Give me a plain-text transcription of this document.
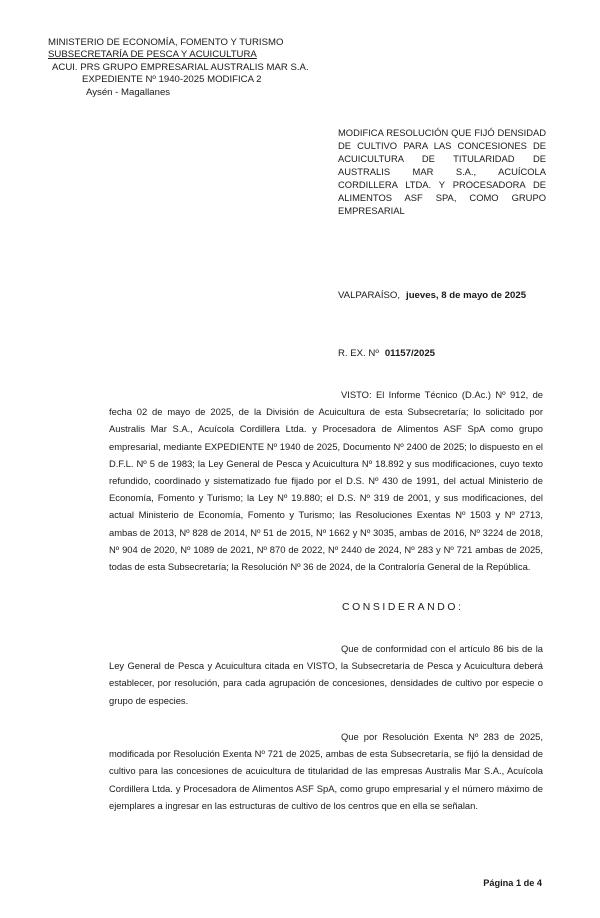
MINISTERIO DE ECONOMÍA, FOMENTO Y TURISMO
SUBSECRETARÍA DE PESCA Y ACUICULTURA
ACUI. PRS GRUPO EMPRESARIAL AUSTRALIS MAR S.A.
EXPEDIENTE Nº 1940-2025 MODIFICA 2
Aysén - Magallanes
MODIFICA RESOLUCIÓN QUE FIJÓ DENSIDAD DE CULTIVO PARA LAS CONCESIONES DE ACUICULTURA DE TITULARIDAD DE AUSTRALIS MAR S.A., ACUÍCOLA CORDILLERA LTDA. Y PROCESADORA DE ALIMENTOS ASF SPA, COMO GRUPO EMPRESARIAL
VALPARAÍSO, jueves, 8 de mayo de 2025
R. EX. Nº 01157/2025
VISTO: El Informe Técnico (D.Ac.) Nº 912, de fecha 02 de mayo de 2025, de la División de Acuicultura de esta Subsecretaría; lo solicitado por Australis Mar S.A., Acuícola Cordillera Ltda. y Procesadora de Alimentos ASF SpA como grupo empresarial, mediante EXPEDIENTE Nº 1940 de 2025, Documento Nº 2400 de 2025; lo dispuesto en el D.F.L. Nº 5 de 1983; la Ley General de Pesca y Acuicultura Nº 18.892 y sus modificaciones, cuyo texto refundido, coordinado y sistematizado fue fijado por el D.S. Nº 430 de 1991, del actual Ministerio de Economía, Fomento y Turismo; la Ley Nº 19.880; el D.S. Nº 319 de 2001, y sus modificaciones, del actual Ministerio de Economía, Fomento y Turismo; las Resoluciones Exentas Nº 1503 y Nº 2713, ambas de 2013, Nº 828 de 2014, Nº 51 de 2015, Nº 1662 y Nº 3035, ambas de 2016, Nº 3224 de 2018, Nº 904 de 2020, Nº 1089 de 2021, Nº 870 de 2022, Nº 2440 de 2024, Nº 283 y Nº 721 ambas de 2025, todas de esta Subsecretaría; la Resolución Nº 36 de 2024, de la Contraloría General de la República.
CONSIDERANDO:
Que de conformidad con el artículo 86 bis de la Ley General de Pesca y Acuicultura citada en VISTO, la Subsecretaría de Pesca y Acuicultura deberá establecer, por resolución, para cada agrupación de concesiones, densidades de cultivo por especie o grupo de especies.
Que por Resolución Exenta Nº 283 de 2025, modificada por Resolución Exenta Nº 721 de 2025, ambas de esta Subsecretaría, se fijó la densidad de cultivo para las concesiones de acuicultura de titularidad de las empresas Australis Mar S.A., Acuícola Cordillera Ltda. y Procesadora de Alimentos ASF SpA, como grupo empresarial y el número máximo de ejemplares a ingresar en las estructuras de cultivo de los centros que en ella se señalan.
Página 1 de 4
